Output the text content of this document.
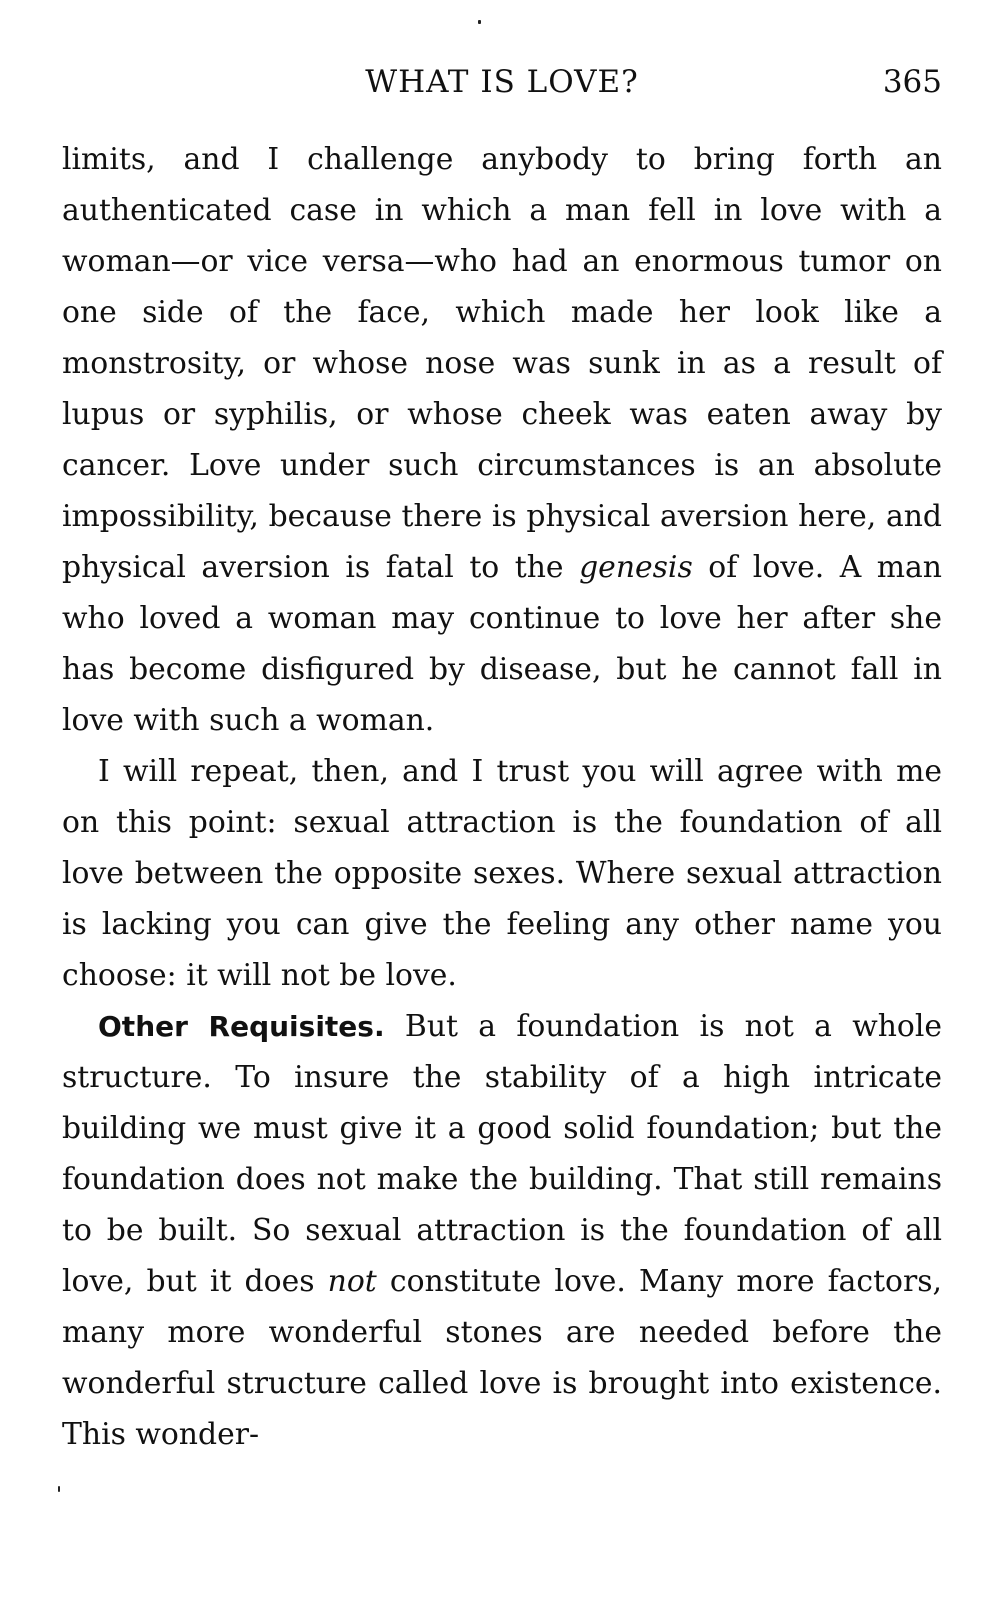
WHAT IS LOVE?	365

limits, and I challenge anybody to bring forth an authenticated case in which a man fell in love with a woman—or vice versa—who had an enormous tumor on one side of the face, which made her look like a monstrosity, or whose nose was sunk in as a result of lupus or syphilis, or whose cheek was eaten away by cancer. Love under such circumstances is an absolute impossibility, because there is physical aversion here, and physical aversion is fatal to the genesis of love. A man who loved a woman may continue to love her after she has become disfigured by disease, but he cannot fall in love with such a woman.

I will repeat, then, and I trust you will agree with me on this point: sexual attraction is the foundation of all love between the opposite sexes. Where sexual attraction is lacking you can give the feeling any other name you choose: it will not be love.

Other Requisites. But a foundation is not a whole structure. To insure the stability of a high intricate building we must give it a good solid foundation; but the foundation does not make the building. That still remains to be built. So sexual attraction is the foundation of all love, but it does not constitute love. Many more factors, many more wonderful stones are needed before the wonderful structure called love is brought into existence. This wonder-
